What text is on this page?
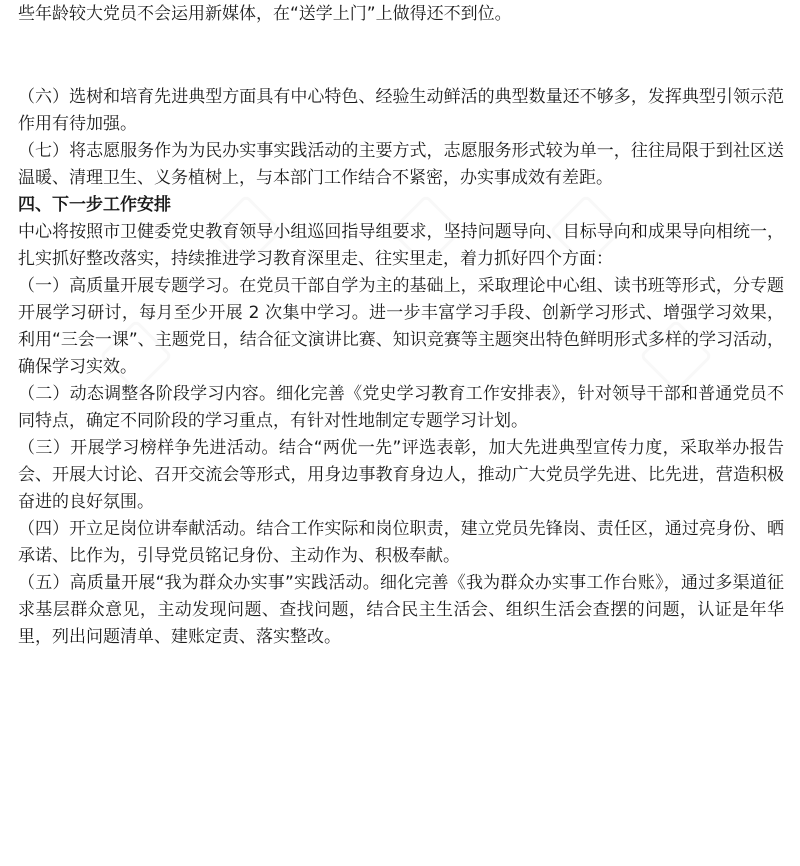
些年龄较大党员不会运用新媒体，在“送学上门”上做得还不到位。

（六）选树和培育先进典型方面具有中心特色、经验生动鲜活的典型数量还不够多，发挥典型引领示范作用有待加强。

（七）将志愿服务作为为民办实事实践活动的主要方式，志愿服务形式较为单一，往往局限于到社区送温暖、清理卫生、义务植树上，与本部门工作结合不紧密，办实事成效有差距。

四、下一步工作安排

中心将按照市卫健委党史教育领导小组巡回指导组要求，坚持问题导向、目标导向和成果导向相统一，扎实抓好整改落实，持续推进学习教育深里走、往实里走，着力抓好四个方面：

（一）高质量开展专题学习。在党员干部自学为主的基础上，采取理论中心组、读书班等形式，分专题开展学习研讨，每月至少开展 2 次集中学习。进一步丰富学习手段、创新学习形式、增强学习效果，利用“三会一课”、主题党日，结合征文演讲比赛、知识竞赛等主题突出特色鲜明形式多样的学习活动，确保学习实效。

（二）动态调整各阶段学习内容。细化完善《党史学习教育工作安排表》，针对领导干部和普通党员不同特点，确定不同阶段的学习重点，有针对性地制定专题学习计划。

（三）开展学习榜样争先进活动。结合“两优一先”评选表彰，加大先进典型宣传力度，采取举办报告会、开展大讨论、召开交流会等形式，用身边事教育身边人，推动广大党员学先进、比先进，营造积极奋进的良好氛围。

（四）开立足岗位讲奉献活动。结合工作实际和岗位职责，建立党员先锋岗、责任区，通过亮身份、晒承诺、比作为，引导党员铭记身份、主动作为、积极奉献。

（五）高质量开展“我为群众办实事”实践活动。细化完善《我为群众办实事工作台账》，通过多渠道征求基层群众意见，主动发现问题、查找问题，结合民主生活会、组织生活会查摆的问题，认证是年华里，列出问题清单、建账定责、落实整改。
